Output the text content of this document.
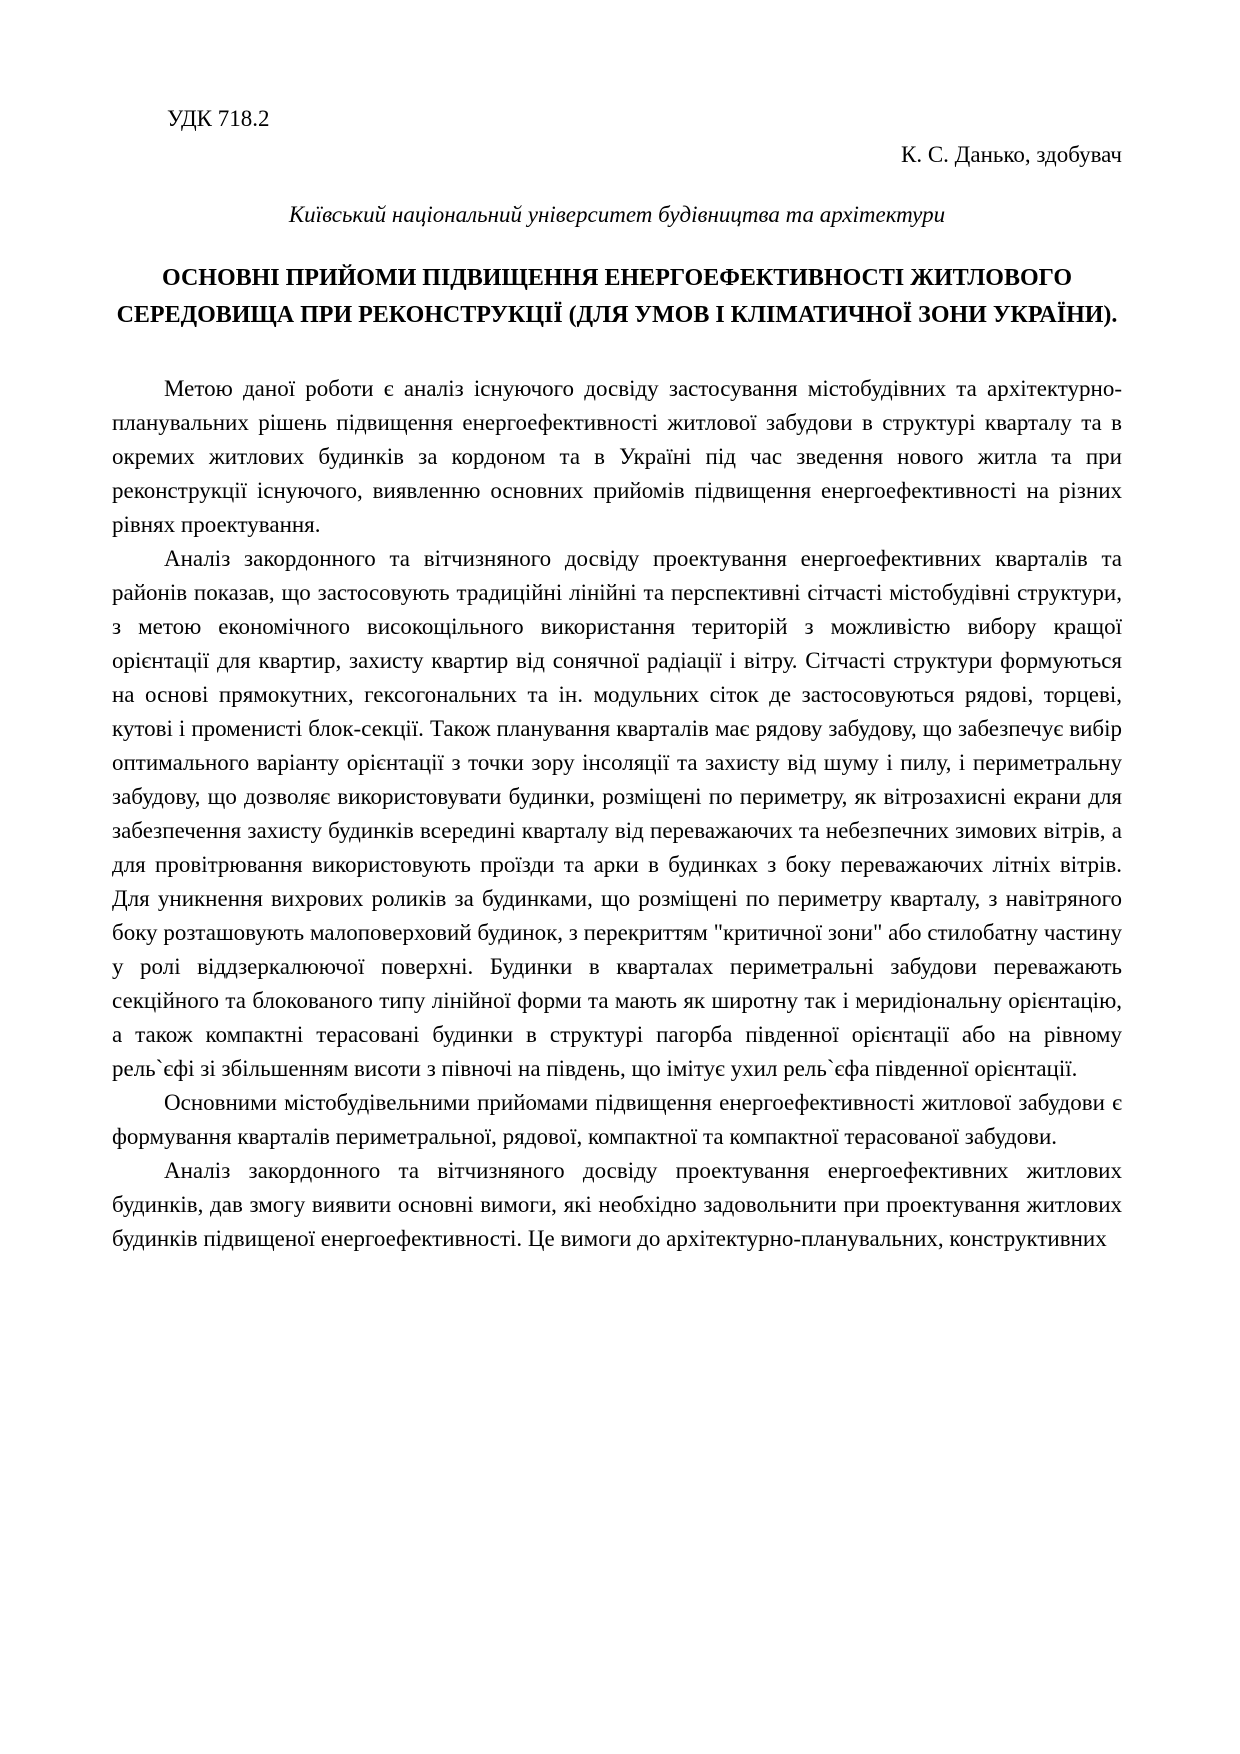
УДК 718.2
К. С. Данько, здобувач
Київський національний університет будівництва та архітектури
ОСНОВНІ ПРИЙОМИ ПІДВИЩЕННЯ ЕНЕРГОЕФЕКТИВНОСТІ ЖИТЛОВОГО СЕРЕДОВИЩА ПРИ РЕКОНСТРУКЦІЇ (ДЛЯ УМОВ І КЛІМАТИЧНОЇ ЗОНИ УКРАЇНИ).

Метою даної роботи є аналіз існуючого досвіду застосування містобудівних та архітектурно-планувальних рішень підвищення енергоефективності житлової забудови в структурі кварталу та в окремих житлових будинків за кордоном та в Україні під час зведення нового житла та при реконструкції існуючого, виявленню основних прийомів підвищення енергоефективності на різних рівнях проектування.

Аналіз закордонного та вітчизняного досвіду проектування енергоефективних кварталів та районів показав, що застосовують традиційні лінійні та перспективні сітчасті містобудівні структури, з метою економічного високощільного використання територій з можливістю вибору кращої орієнтації для квартир, захисту квартир від сонячної радіації і вітру. Сітчасті структури формуються на основі прямокутних, гексогональних та ін. модульних сіток де застосовуються рядові, торцеві, кутові і променисті блок-секції. Також планування кварталів має рядову забудову, що забезпечує вибір оптимального варіанту орієнтації з точки зору інсоляції та захисту від шуму і пилу, і периметральну забудову, що дозволяє використовувати будинки, розміщені по периметру, як вітрозахисні екрани для забезпечення захисту будинків всередині кварталу від переважаючих та небезпечних зимових вітрів, а для провітрювання використовують проїзди та арки в будинках з боку переважаючих літніх вітрів. Для уникнення вихрових роликів за будинками, що розміщені по периметру кварталу, з навітряного боку розташовують малоповерховий будинок, з перекриттям "критичної зони" або стилобатну частину у ролі віддзеркалюючої поверхні. Будинки в кварталах периметральні забудови переважають секційного та блокованого типу лінійної форми та мають як широтну так і меридіональну орієнтацію, а також компактні терасовані будинки в структурі пагорба південної орієнтації або на рівному рель`єфі зі збільшенням висоти з півночі на південь, що імітує ухил рель`єфа південної орієнтації.

Основними містобудівельними прийомами підвищення енергоефективності житлової забудови є формування кварталів периметральної, рядової, компактної та компактної терасованої забудови.

Аналіз закордонного та вітчизняного досвіду проектування енергоефективних житлових будинків, дав змогу виявити основні вимоги, які необхідно задовольнити при проектування житлових будинків підвищеної енергоефективності. Це вимоги до архітектурно-планувальних, конструктивних
